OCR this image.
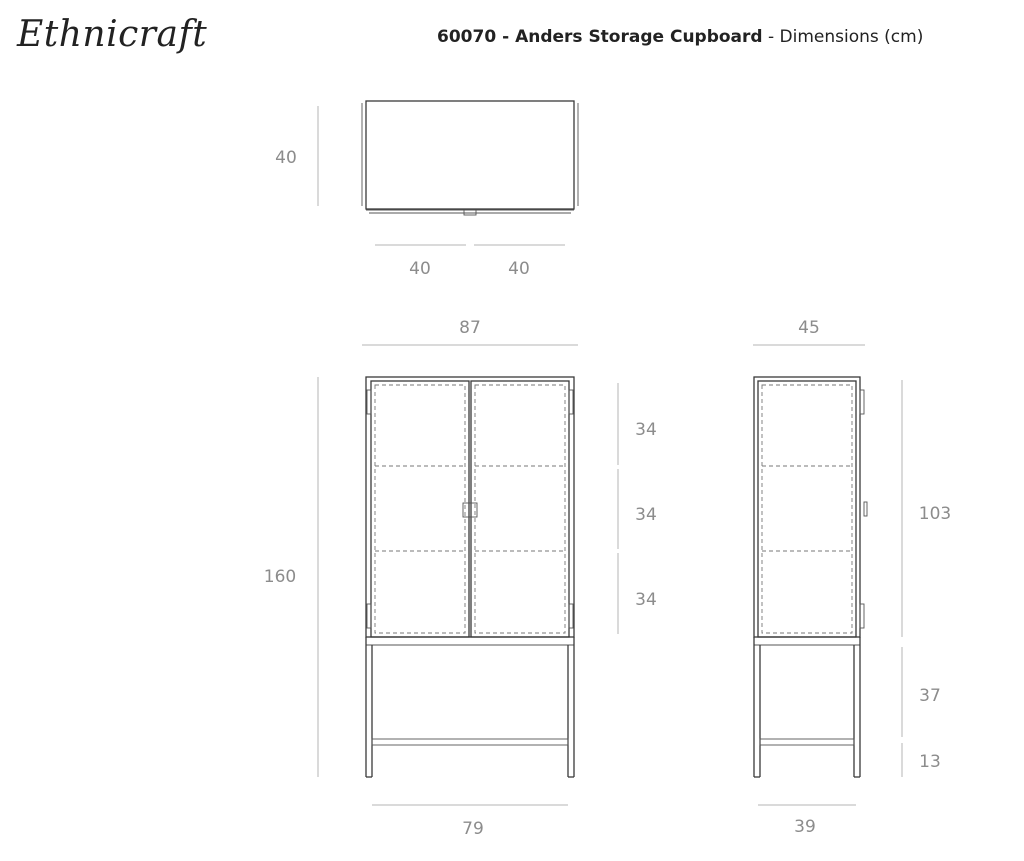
Ethnicraft	60070 - Anders Storage Cupboard - Dimensions (cm)
40
40	40
87
160
34
34
34
79
45
103
37
13
39
